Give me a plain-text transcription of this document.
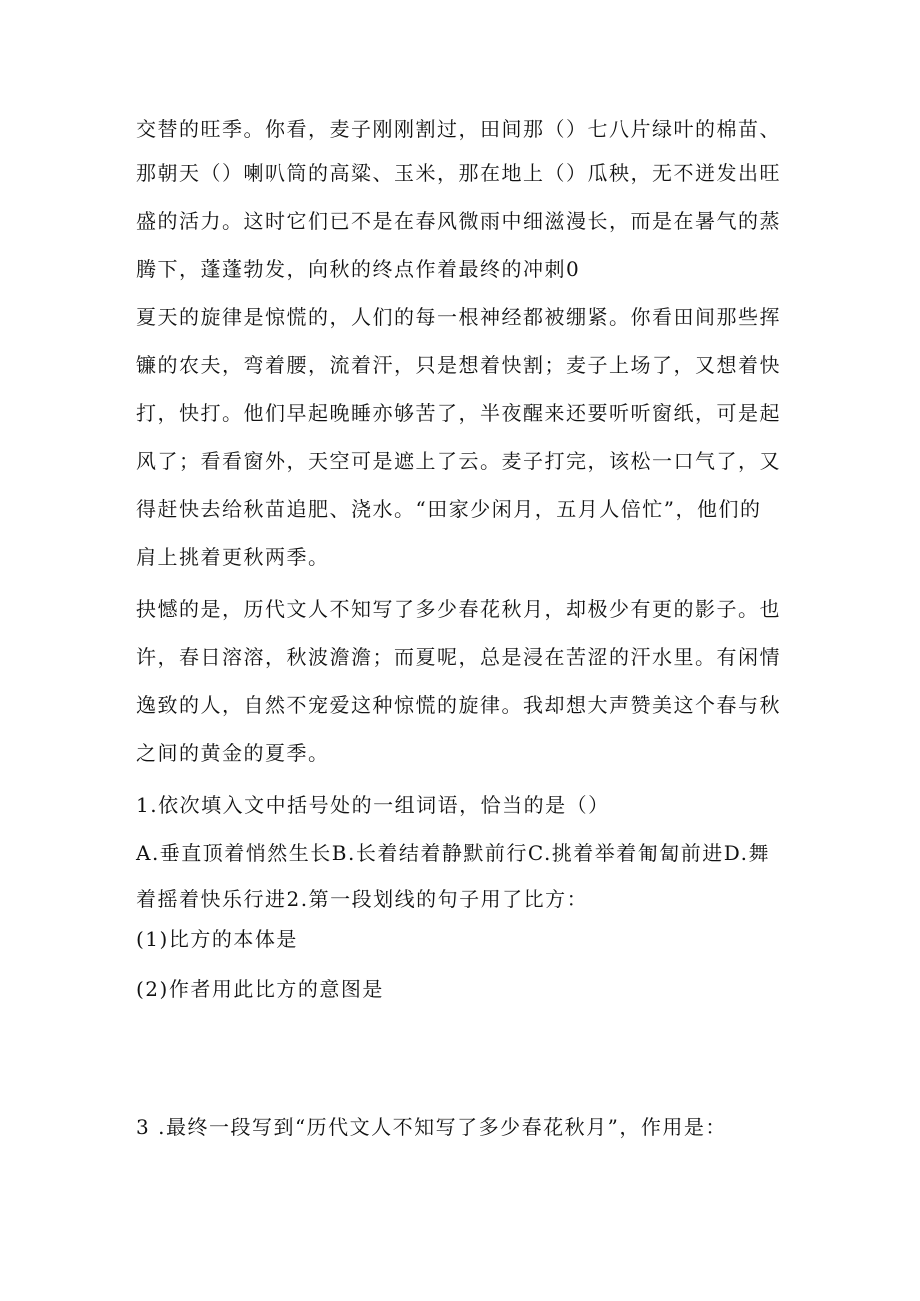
交替的旺季。你看，麦子刚刚割过，田间那（）七八片绿叶的棉苗、
那朝天（）喇叭筒的高粱、玉米，那在地上（）瓜秧，无不迸发出旺
盛的活力。这时它们已不是在春风微雨中细滋漫长，而是在暑气的蒸
腾下，蓬蓬勃发，向秋的终点作着最终的冲刺0
夏天的旋律是惊慌的，人们的每一根神经都被绷紧。你看田间那些挥
镰的农夫，弯着腰，流着汗，只是想着快割；麦子上场了，又想着快
打，快打。他们早起晚睡亦够苦了，半夜醒来还要听听窗纸，可是起
风了；看看窗外，天空可是遮上了云。麦子打完，该松一口气了，又
得赶快去给秋苗追肥、浇水。“田家少闲月，五月人倍忙”，他们的
肩上挑着更秋两季。
抉憾的是，历代文人不知写了多少春花秋月，却极少有更的影子。也
许，春日溶溶，秋波澹澹；而夏呢，总是浸在苦涩的汗水里。有闲情
逸致的人，自然不宠爱这种惊慌的旋律。我却想大声赞美这个春与秋
之间的黄金的夏季。
1.依次填入文中括号处的一组词语，恰当的是（）
A.垂直顶着悄然生长B.长着结着静默前行C.挑着举着匍匐前进D.舞
着摇着快乐行进2.第一段划线的句子用了比方：
(1)比方的本体是
(2)作者用此比方的意图是
3 .最终一段写到“历代文人不知写了多少春花秋月”，作用是：
